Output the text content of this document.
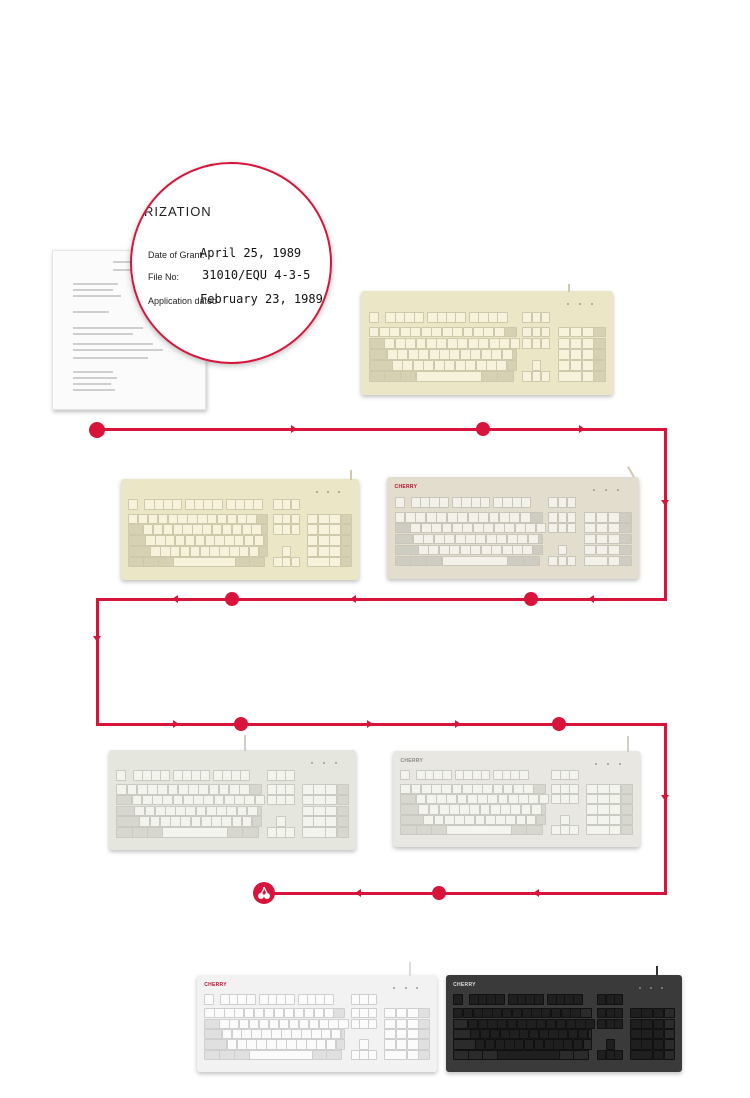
RIZATION
Date of Grant:
April 25, 1989
File No: 31010/EQU 4-3-5
Application dated
February 23, 1989
CHERRY
CHERRY
CHERRY	CHERRY
